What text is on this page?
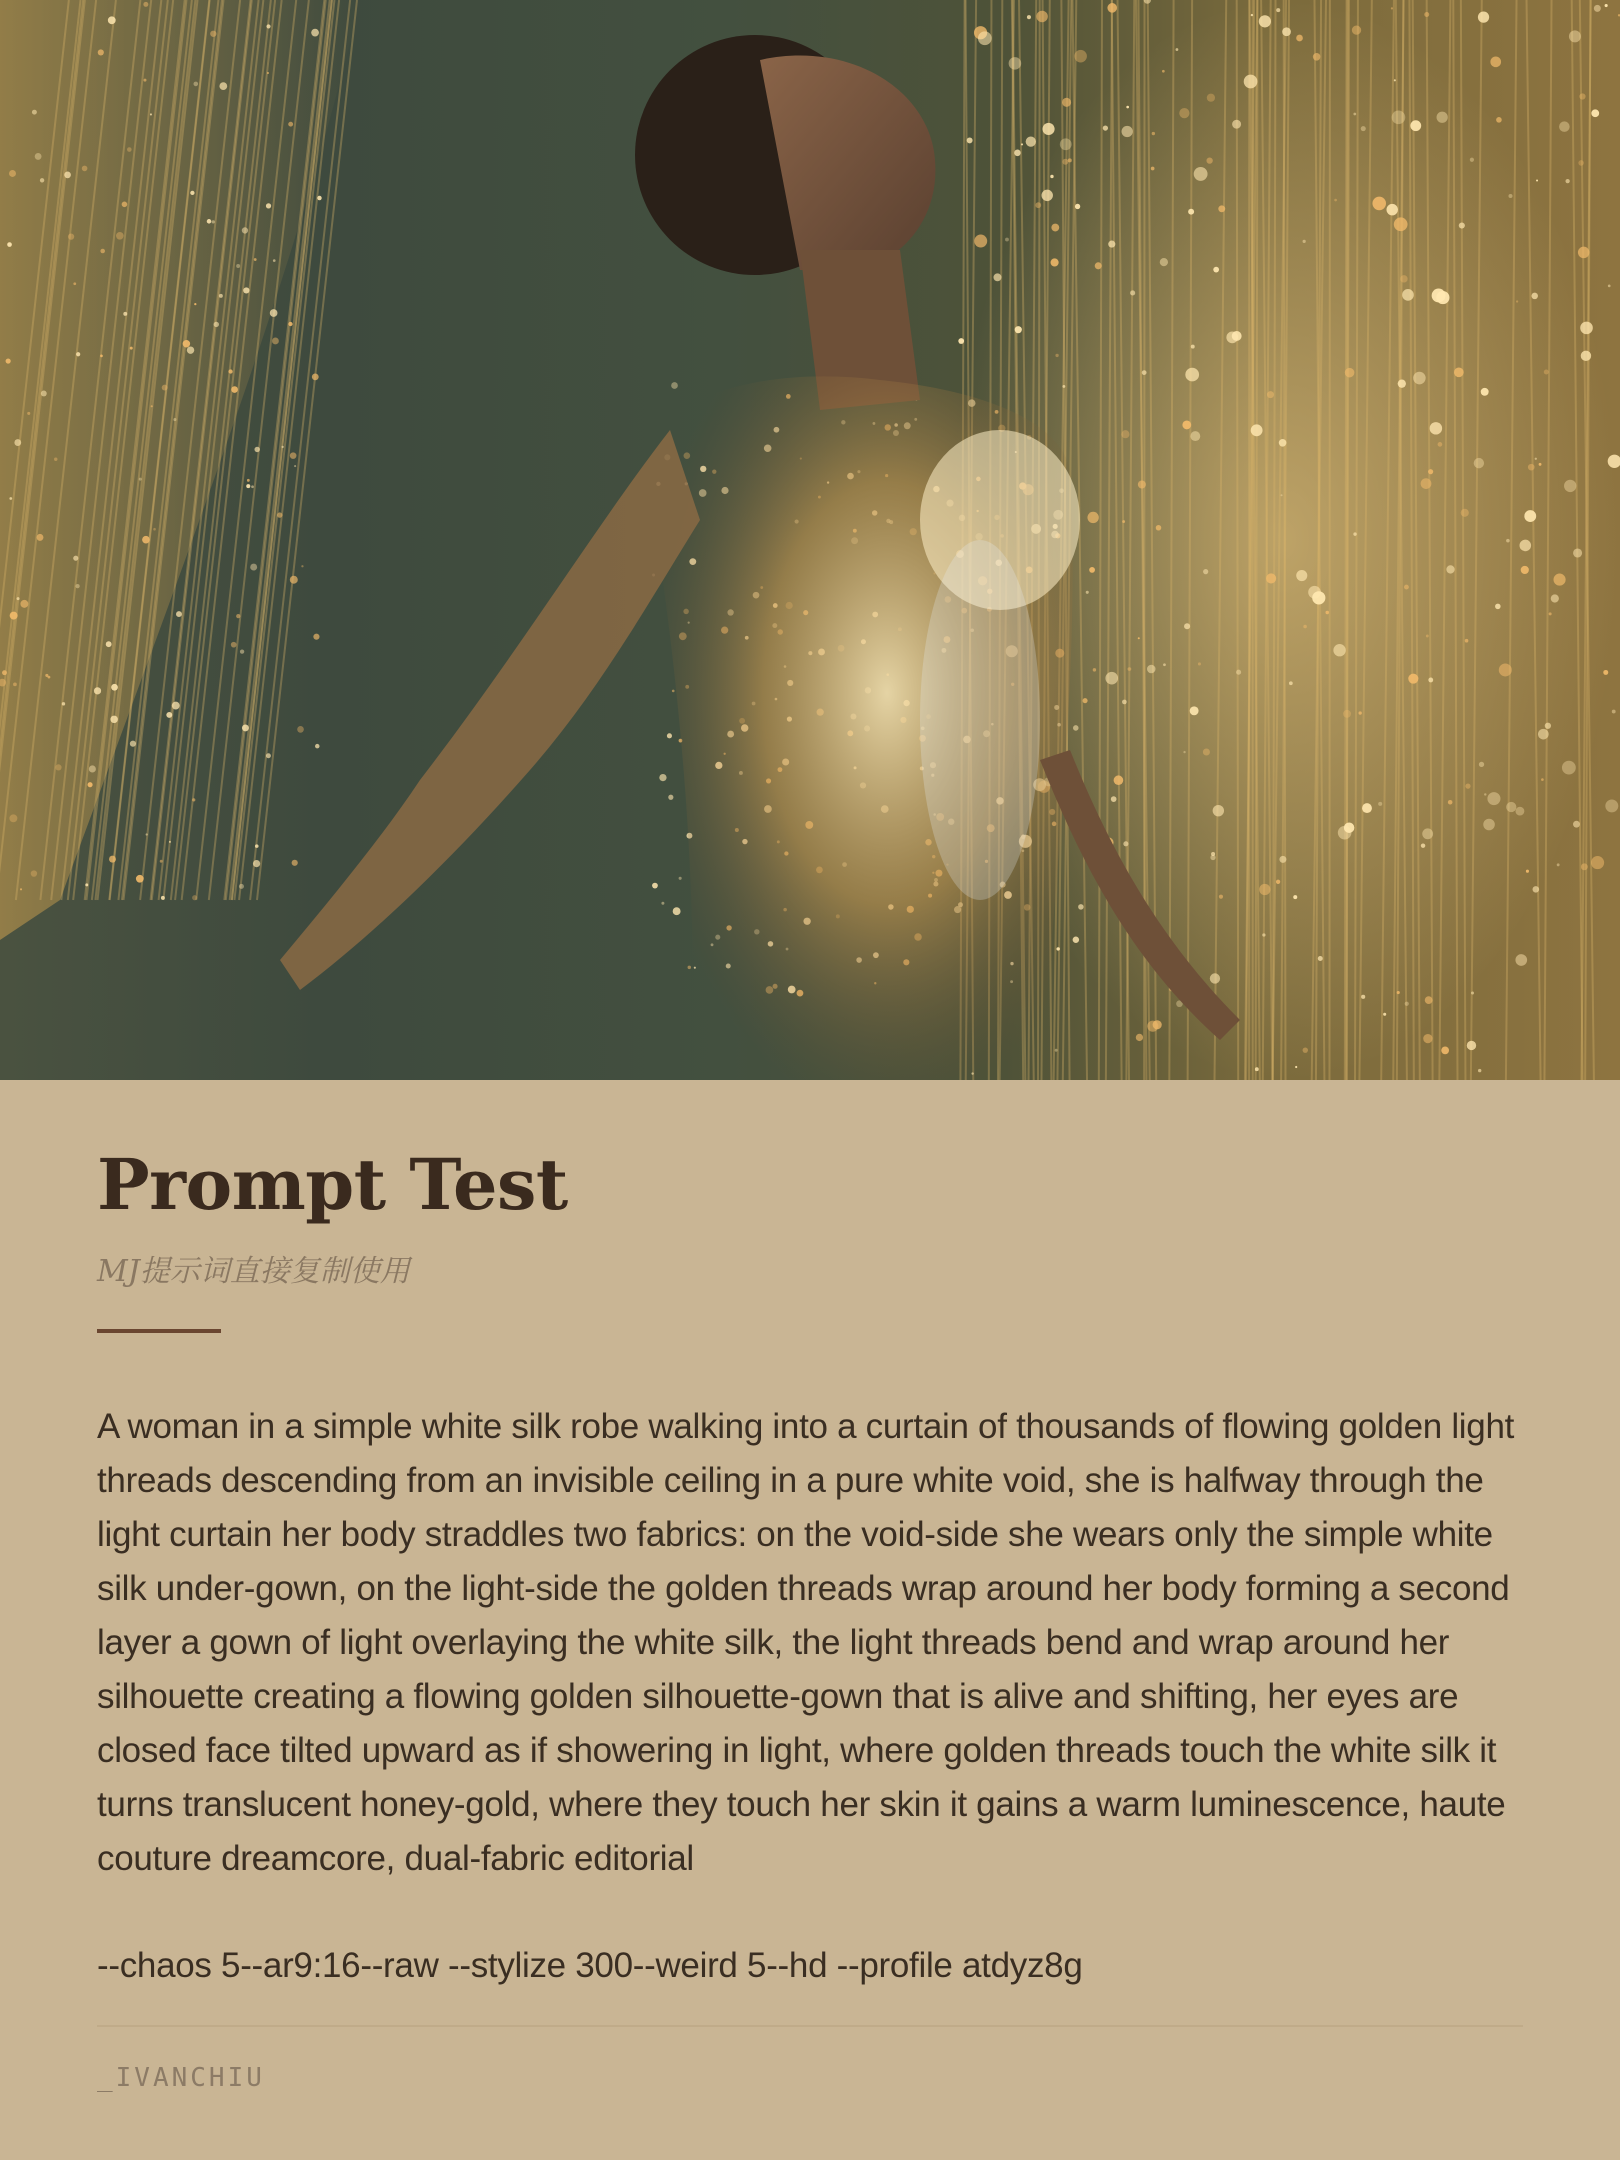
Prompt Test

MJ提示词直接复制使用

A woman in a simple white silk robe walking into a curtain of thousands of flowing golden light threads descending from an invisible ceiling in a pure white void, she is halfway through the light curtain her body straddles two fabrics: on the void-side she wears only the simple white silk under-gown, on the light-side the golden threads wrap around her body forming a second layer a gown of light overlaying the white silk, the light threads bend and wrap around her silhouette creating a flowing golden silhouette-gown that is alive and shifting, her eyes are closed face tilted upward as if showering in light, where golden threads touch the white silk it turns translucent honey-gold, where they touch her skin it gains a warm luminescence, haute couture dreamcore, dual-fabric editorial

--chaos 5--ar9:16--raw --stylize 300--weird 5--hd --profile atdyz8g

_IVANCHIU
